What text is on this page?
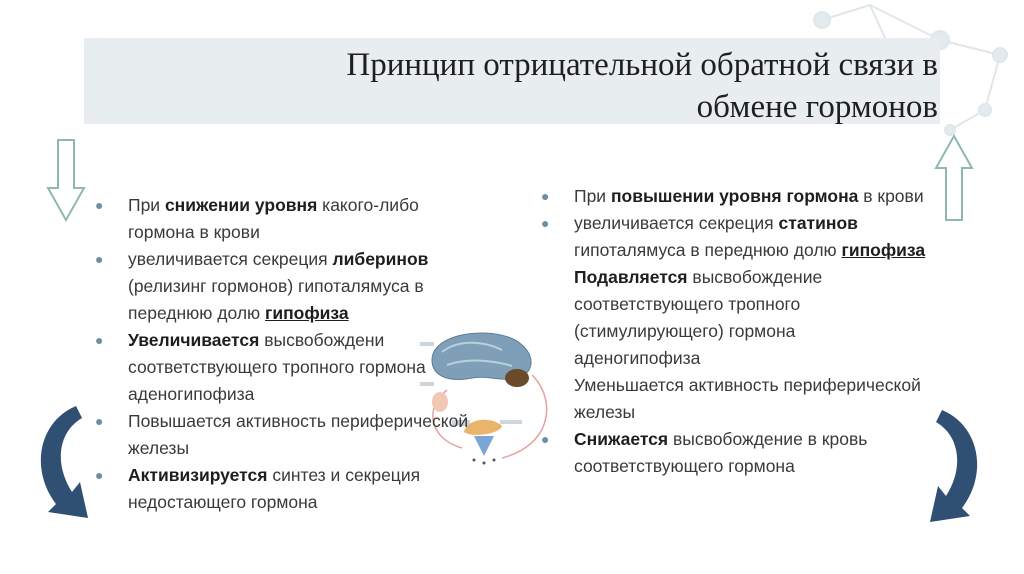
Принцип отрицательной обратной связи в
обмене гормонов
● При снижении уровня какого-либо гормона в крови
● увеличивается секреция либеринов (релизинг гормонов) гипоталямуса в переднюю долю гипофиза
● Увеличивается высвобождени соответствующего тропного гормона аденогипофиза
● Повышается активность периферической железы
● Активизируется синтез и секреция недостающего гормона
● При повышении уровня гормона в крови
● увеличивается секреция статинов гипоталямуса в переднюю долю гипофиза
Подавляется высвобождение соответствующего тропного (стимулирующего) гормона аденогипофиза
Уменьшается активность периферической железы
● Снижается высвобождение в кровь соответствующего гормона
